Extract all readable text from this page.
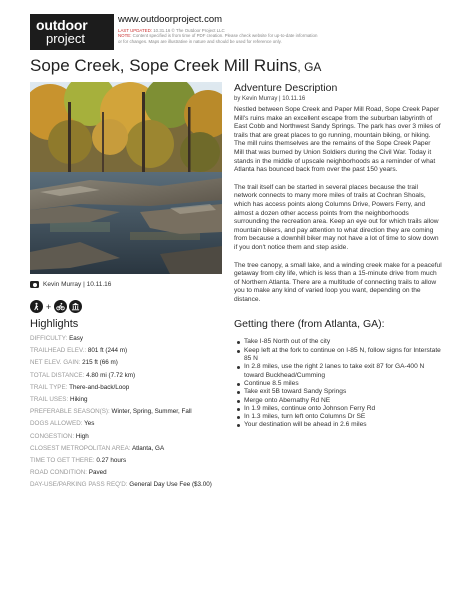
outdoor
project
www.outdoorproject.com
LAST UPDATED: 10.31.16 © The Outdoor Project LLC
NOTE: Content specified is from time of PDF creation. Please check website for up-to-date information or for changes. Maps are illustrative in nature and should be used for reference only.
Sope Creek, Sope Creek Mill Ruins, GA
Kevin Murray | 10.11.16
+
Highlights
DIFFICULTY: Easy
TRAILHEAD ELEV.: 801 ft (244 m)
NET ELEV. GAIN: 215 ft (66 m)
TOTAL DISTANCE: 4.80 mi (7.72 km)
TRAIL TYPE: There-and-back/Loop
TRAIL USES: Hiking
PREFERABLE SEASON(S): Winter, Spring, Summer, Fall
DOGS ALLOWED: Yes
CONGESTION: High
CLOSEST METROPOLITAN AREA: Atlanta, GA
TIME TO GET THERE: 0.27 hours
ROAD CONDITION: Paved
DAY-USE/PARKING PASS REQ'D: General Day Use Fee ($3.00)
Adventure Description
by Kevin Murray | 10.11.16

Nestled between Sope Creek and Paper Mill Road, Sope Creek Paper Mill's ruins make an excellent escape from the suburban labyrinth of East Cobb and Northwest Sandy Springs. The park has over 3 miles of trails that are great places to go running, mountain biking, or hiking. The mill ruins themselves are the remains of the Sope Creek Paper Mill that was burned by Union Soldiers during the Civil War. Today it stands in the middle of upscale neighborhoods as a reminder of what Atlanta has bounced back from over the past 150 years.

The trail itself can be started in several places because the trail network connects to many more miles of trails at Cochran Shoals, which has access points along Columns Drive, Powers Ferry, and almost a dozen other access points from the neighborhoods surrounding the recreation area. Keep an eye out for which trails allow mountain bikers, and pay attention to what direction they are coming from because a downhill biker may not have a lot of time to slow down if you don't notice them and step aside.

The tree canopy, a small lake, and a winding creek make for a peaceful getaway from city life, which is less than a 15-minute drive from much of Northern Atlanta. There are a multitude of connecting trails to allow you to make any kind of varied loop you want, depending on the distance.

Getting there (from Atlanta, GA):
Take I-85 North out of the city
Keep left at the fork to continue on I-85 N, follow signs for Interstate 85 N
In 2.8 miles, use the right 2 lanes to take exit 87 for GA-400 N toward Buckhead/Cumming
Continue 8.5 miles
Take exit 5B toward Sandy Springs
Merge onto Abernathy Rd NE
In 1.9 miles, continue onto Johnson Ferry Rd
In 1.3 miles, turn left onto Columns Dr SE
Your destination will be ahead in 2.6 miles
